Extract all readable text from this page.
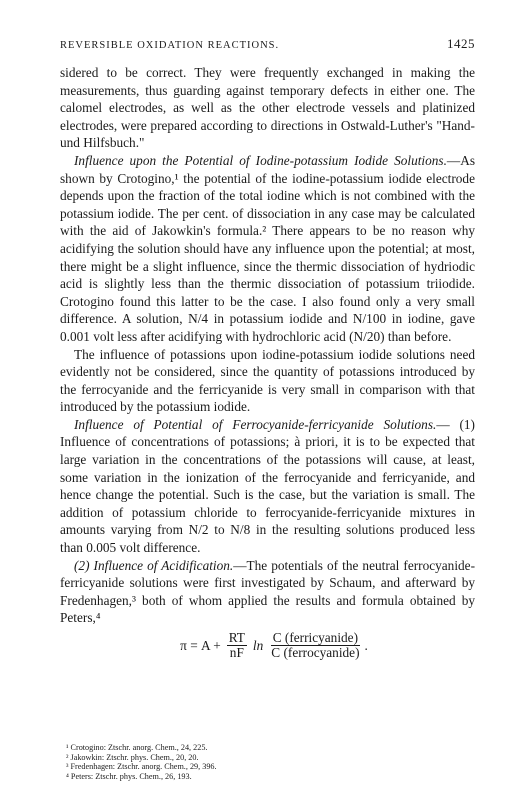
REVERSIBLE OXIDATION REACTIONS.	1425

sidered to be correct. They were frequently exchanged in making the measurements, thus guarding against temporary defects in either one. The calomel electrodes, as well as the other electrode vessels and platinized electrodes, were prepared according to directions in Ostwald-Luther's "Hand- und Hilfsbuch."

Influence upon the Potential of Iodine-potassium Iodide Solutions.—As shown by Crotogino,¹ the potential of the iodine-potassium iodide electrode depends upon the fraction of the total iodine which is not combined with the potassium iodide. The per cent. of dissociation in any case may be calculated with the aid of Jakowkin's formula.² There appears to be no reason why acidifying the solution should have any influence upon the potential; at most, there might be a slight influence, since the thermic dissociation of hydriodic acid is slightly less than the thermic dissociation of potassium triiodide. Crotogino found this latter to be the case. I also found only a very small difference. A solution, N/4 in potassium iodide and N/100 in iodine, gave 0.001 volt less after acidifying with hydrochloric acid (N/20) than before.

The influence of potassions upon iodine-potassium iodide solutions need evidently not be considered, since the quantity of potassions introduced by the ferrocyanide and the ferricyanide is very small in comparison with that introduced by the potassium iodide.

Influence of Potential of Ferrocyanide-ferricyanide Solutions.— (1) Influence of concentrations of potassions; à priori, it is to be expected that large variation in the concentrations of the potassions will cause, at least, some variation in the ionization of the ferrocyanide and ferricyanide, and hence change the potential. Such is the case, but the variation is small. The addition of potassium chloride to ferrocyanide-ferricyanide mixtures in amounts varying from N/2 to N/8 in the resulting solutions produced less than 0.005 volt difference.

(2) Influence of Acidification.—The potentials of the neutral ferrocyanide-ferricyanide solutions were first investigated by Schaum, and afterward by Fredenhagen,³ both of whom applied the results and formula obtained by Peters,⁴

$\pi = A + \frac{RT}{nF}$ $\ln \frac{\text{C (ferricyanide)}}{\text{C (ferrocyanide)}}$ .
¹ Crotogino: Ztschr. anorg. Chem., 24, 225.
² Jakowkin: Ztschr. phys. Chem., 20, 20.
³ Fredenhagen: Ztschr. anorg. Chem., 29, 396.
⁴ Peters: Ztschr. phys. Chem., 26, 193.
